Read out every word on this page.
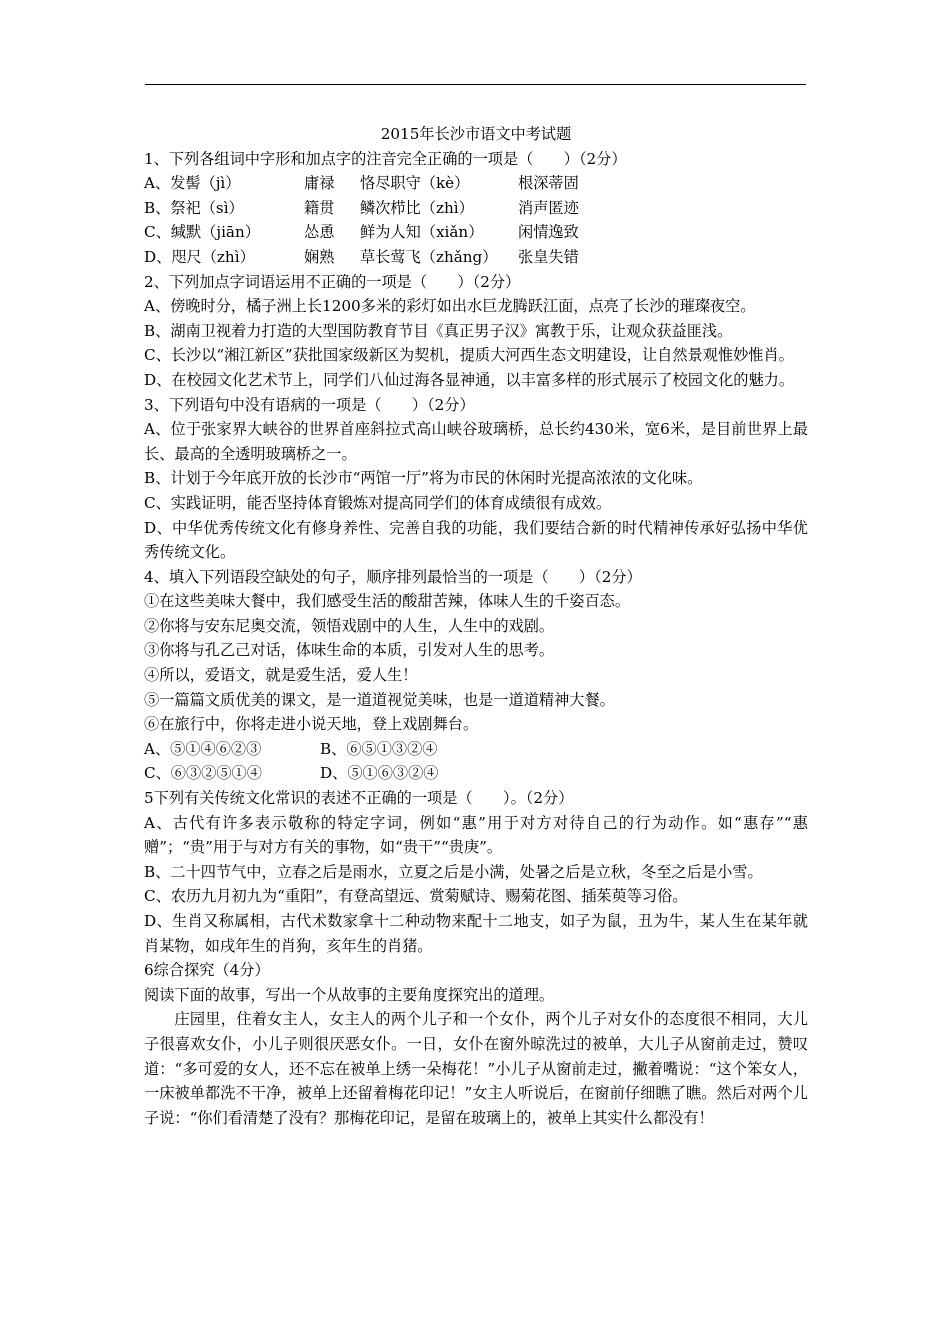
2015年长沙市语文中考试题
1、下列各组词中字形和加点字的注音完全正确的一项是（　　）（2分）
A、发髻（jì）	庸禄 恪尽职守（kè）	根深蒂固
B、祭祀（sì）	籍贯 鳞次栉比（zhì）	消声匿迹
C、缄默（jiān）	怂恿 鲜为人知（xiǎn） 闲情逸致
D、咫尺（zhì）	娴熟 草长莺飞（zhǎng） 张皇失错
2、下列加点字词语运用不正确的一项是（　　）（2分）
A、傍晚时分，橘子洲上长1200多米的彩灯如出水巨龙腾跃江面，点亮了长沙的璀璨夜空。
B、湖南卫视着力打造的大型国防教育节目《真正男子汉》寓教于乐，让观众获益匪浅。
C、长沙以“湘江新区”获批国家级新区为契机，提质大河西生态文明建设，让自然景观惟妙惟肖。
D、在校园文化艺术节上，同学们八仙过海各显神通，以丰富多样的形式展示了校园文化的魅力。
3、下列语句中没有语病的一项是（　　）（2分）
A、位于张家界大峡谷的世界首座斜拉式高山峡谷玻璃桥，总长约430米，宽6米，是目前世界上最长、最高的全透明玻璃桥之一。
B、计划于今年底开放的长沙市“两馆一厅”将为市民的休闲时光提高浓浓的文化味。
C、实践证明，能否坚持体育锻炼对提高同学们的体育成绩很有成效。
D、中华优秀传统文化有修身养性、完善自我的功能，我们要结合新的时代精神传承好弘扬中华优秀传统文化。
4、填入下列语段空缺处的句子，顺序排列最恰当的一项是（　　）（2分）
①在这些美味大餐中，我们感受生活的酸甜苦辣，体味人生的千姿百态。
②你将与安东尼奥交流，领悟戏剧中的人生，人生中的戏剧。
③你将与孔乙己对话，体味生命的本质，引发对人生的思考。
④所以，爱语文，就是爱生活，爱人生！
⑤一篇篇文质优美的课文，是一道道视觉美味，也是一道道精神大餐。
⑥在旅行中，你将走进小说天地，登上戏剧舞台。
A、⑤①④⑥②③	B、⑥⑤①③②④
C、⑥③②⑤①④	D、⑤①⑥③②④
5下列有关传统文化常识的表述不正确的一项是（　　）。（2分）
A、古代有许多表示敬称的特定字词，例如“惠”用于对方对待自己的行为动作。如“惠存”“惠赠”；“贵”用于与对方有关的事物，如“贵干”“贵庚”。
B、二十四节气中，立春之后是雨水，立夏之后是小满，处暑之后是立秋，冬至之后是小雪。
C、农历九月初九为“重阳”，有登高望远、赏菊赋诗、赐菊花图、插茱萸等习俗。
D、生肖又称属相，古代术数家拿十二种动物来配十二地支，如子为鼠，丑为牛，某人生在某年就肖某物，如戌年生的肖狗，亥年生的肖猪。
6综合探究（4分）
阅读下面的故事，写出一个从故事的主要角度探究出的道理。
庄园里，住着女主人，女主人的两个儿子和一个女仆，两个儿子对女仆的态度很不相同，大儿子很喜欢女仆，小儿子则很厌恶女仆。一日，女仆在窗外晾洗过的被单，大儿子从窗前走过，赞叹道：“多可爱的女人，还不忘在被单上绣一朵梅花！”小儿子从窗前走过，撇着嘴说：“这个笨女人，一床被单都洗不干净，被单上还留着梅花印记！”女主人听说后，在窗前仔细瞧了瞧。然后对两个儿子说：“你们看清楚了没有？那梅花印记，是留在玻璃上的，被单上其实什么都没有！
